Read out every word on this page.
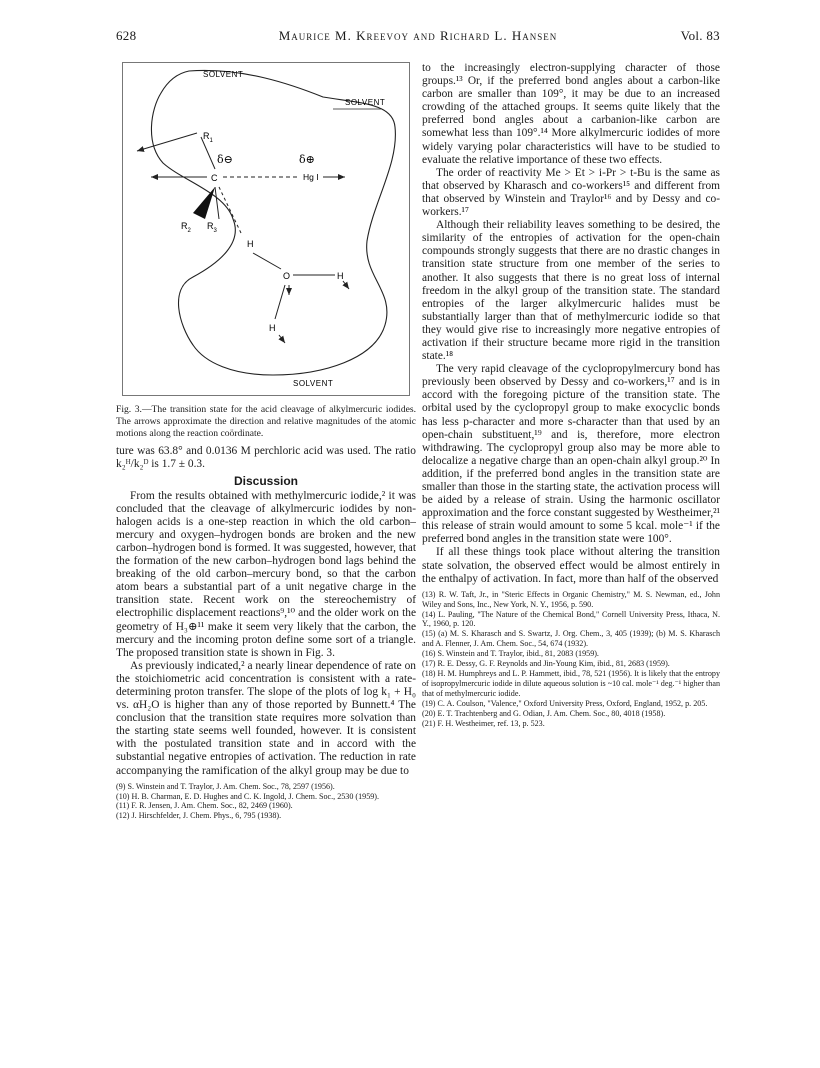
628	Maurice M. Kreevoy and Richard L. Hansen	Vol. 83
SOLVENT
SOLVENT
SOLVENT
$R_1$
δ⊖	δ⊕
C	Hg I
$R_2$ $R_3$
H
O	H
H
Fig. 3.—The transition state for the acid cleavage of alkylmercuric iodides. The arrows approximate the direction and relative magnitudes of the atomic motions along the reaction coördinate.

ture was 63.8° and 0.0136 M perchloric acid was used. The ratio k₂ᴴ/k₂ᴰ is 1.7 ± 0.3.

Discussion

From the results obtained with methylmercuric iodide,² it was concluded that the cleavage of alkylmercuric iodides by non-halogen acids is a one-step reaction in which the old carbon–mercury and oxygen–hydrogen bonds are broken and the new carbon–hydrogen bond is formed. It was suggested, however, that the formation of the new carbon–hydrogen bond lags behind the breaking of the old carbon–mercury bond, so that the carbon atom bears a substantial part of a unit negative charge in the transition state. Recent work on the stereochemistry of electrophilic displacement reactions⁹,¹⁰ and the older work on the geometry of H₃⊕¹¹ make it seem very likely that the carbon, the mercury and the incoming proton define some sort of a triangle. The proposed transition state is shown in Fig. 3.

As previously indicated,² a nearly linear dependence of rate on the stoichiometric acid concentration is consistent with a rate-determining proton transfer. The slope of the plots of log k₁ + H₀ vs. αH₂O is higher than any of those reported by Bunnett.⁴ The conclusion that the transition state requires more solvation than the starting state seems well founded, however. It is consistent with the postulated transition state and in accord with the substantial negative entropies of activation. The reduction in rate accompanying the ramification of the alkyl group may be due to

(9) S. Winstein and T. Traylor, J. Am. Chem. Soc., 78, 2597 (1956).
(10) H. B. Charman, E. D. Hughes and C. K. Ingold, J. Chem. Soc., 2530 (1959).
(11) F. R. Jensen, J. Am. Chem. Soc., 82, 2469 (1960).
(12) J. Hirschfelder, J. Chem. Phys., 6, 795 (1938).

to the increasingly electron-supplying character of those groups.¹³ Or, if the preferred bond angles about a carbon-like carbon are smaller than 109°, it may be due to an increased crowding of the attached groups. It seems quite likely that the preferred bond angles about a carbanion-like carbon are somewhat less than 109°.¹⁴ More alkylmercuric iodides of more widely varying polar characteristics will have to be studied to evaluate the relative importance of these two effects.

The order of reactivity Me > Et > i-Pr > t-Bu is the same as that observed by Kharasch and co-workers¹⁵ and different from that observed by Winstein and Traylor¹⁶ and by Dessy and co-workers.¹⁷

Although their reliability leaves something to be desired, the similarity of the entropies of activation for the open-chain compounds strongly suggests that there are no drastic changes in transition state structure from one member of the series to another. It also suggests that there is no great loss of internal freedom in the alkyl group of the transition state. The standard entropies of the larger alkylmercuric halides must be substantially larger than that of methylmercuric iodide so that they would give rise to increasingly more negative entropies of activation if their structure became more rigid in the transition state.¹⁸

The very rapid cleavage of the cyclopropylmercury bond has previously been observed by Dessy and co-workers,¹⁷ and is in accord with the foregoing picture of the transition state. The orbital used by the cyclopropyl group to make exocyclic bonds has less p-character and more s-character than that used by an open-chain substituent,¹⁹ and is, therefore, more electron withdrawing. The cyclopropyl group also may be more able to delocalize a negative charge than an open-chain alkyl group.²⁰ In addition, if the preferred bond angles in the transition state are smaller than those in the starting state, the activation process will be aided by a release of strain. Using the harmonic oscillator approximation and the force constant suggested by Westheimer,²¹ this release of strain would amount to some 5 kcal. mole⁻¹ if the preferred bond angles in the transition state were 100°.

If all these things took place without altering the transition state solvation, the observed effect would be almost entirely in the enthalpy of activation. In fact, more than half of the observed

(13) R. W. Taft, Jr., in "Steric Effects in Organic Chemistry," M. S. Newman, ed., John Wiley and Sons, Inc., New York, N. Y., 1956, p. 590.
(14) L. Pauling, "The Nature of the Chemical Bond," Cornell University Press, Ithaca, N. Y., 1960, p. 120.
(15) (a) M. S. Kharasch and S. Swartz, J. Org. Chem., 3, 405 (1939); (b) M. S. Kharasch and A. Flenner, J. Am. Chem. Soc., 54, 674 (1932).
(16) S. Winstein and T. Traylor, ibid., 81, 2083 (1959).
(17) R. E. Dessy, G. F. Reynolds and Jin-Young Kim, ibid., 81, 2683 (1959).
(18) H. M. Humphreys and L. P. Hammett, ibid., 78, 521 (1956). It is likely that the entropy of isopropylmercuric iodide in dilute aqueous solution is ~10 cal. mole⁻¹ deg.⁻¹ higher than that of methylmercuric iodide.
(19) C. A. Coulson, "Valence," Oxford University Press, Oxford, England, 1952, p. 205.
(20) E. T. Trachtenberg and G. Odian, J. Am. Chem. Soc., 80, 4018 (1958).
(21) F. H. Westheimer, ref. 13, p. 523.
